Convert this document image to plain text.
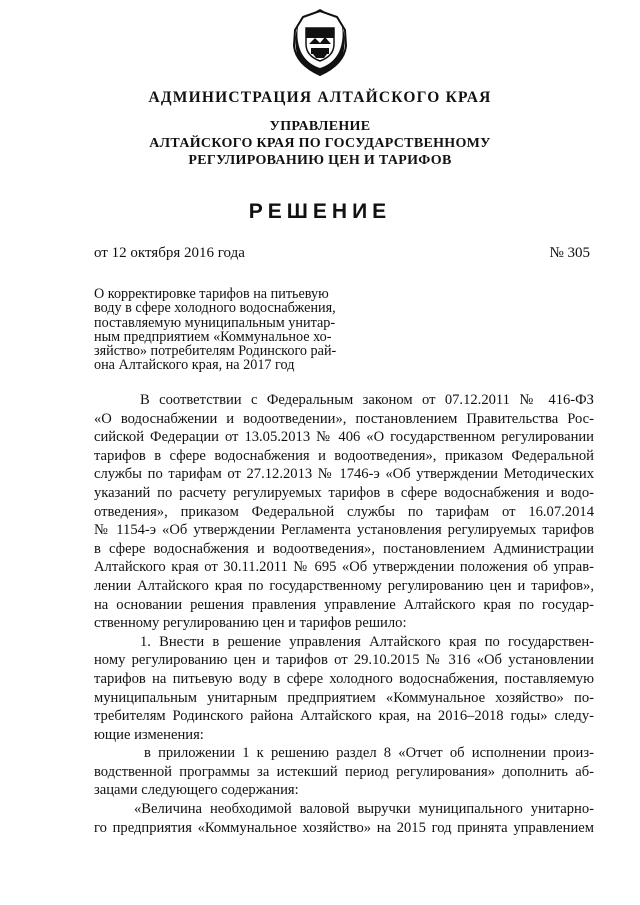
АДМИНИСТРАЦИЯ АЛТАЙСКОГО КРАЯ
УПРАВЛЕНИЕ
АЛТАЙСКОГО КРАЯ ПО ГОСУДАРСТВЕННОМУ
РЕГУЛИРОВАНИЮ ЦЕН И ТАРИФОВ
РЕШЕНИЕ
от 12 октября 2016 года	№ 305
О корректировке тарифов на питьевую
воду в сфере холодного водоснабжения,
поставляемую муниципальным унитар-
ным предприятием «Коммунальное хо-
зяйство» потребителям Родинского рай-
она Алтайского края, на 2017 год
В соответствии с Федеральным законом от 07.12.2011 № 416-ФЗ
«О водоснабжении и водоотведении», постановлением Правительства Рос-
сийской Федерации от 13.05.2013 № 406 «О государственном регулировании
тарифов в сфере водоснабжения и водоотведения», приказом Федеральной
службы по тарифам от 27.12.2013 № 1746-э «Об утверждении Методических
указаний по расчету регулируемых тарифов в сфере водоснабжения и водо-
отведения», приказом Федеральной службы по тарифам от 16.07.2014
№ 1154-э «Об утверждении Регламента установления регулируемых тарифов
в сфере водоснабжения и водоотведения», постановлением Администрации
Алтайского края от 30.11.2011 № 695 «Об утверждении положения об управ-
лении Алтайского края по государственному регулированию цен и тарифов»,
на основании решения правления управление Алтайского края по государ-
ственному регулированию цен и тарифов решило:
1. Внести в решение управления Алтайского края по государствен-
ному регулированию цен и тарифов от 29.10.2015 № 316 «Об установлении
тарифов на питьевую воду в сфере холодного водоснабжения, поставляемую
муниципальным унитарным предприятием «Коммунальное хозяйство» по-
требителям Родинского района Алтайского края, на 2016–2018 годы» следу-
ющие изменения:
в приложении 1 к решению раздел 8 «Отчет об исполнении произ-
водственной программы за истекший период регулирования» дополнить аб-
зацами следующего содержания:
«Величина необходимой валовой выручки муниципального унитарно-
го предприятия «Коммунальное хозяйство» на 2015 год принята управлением
